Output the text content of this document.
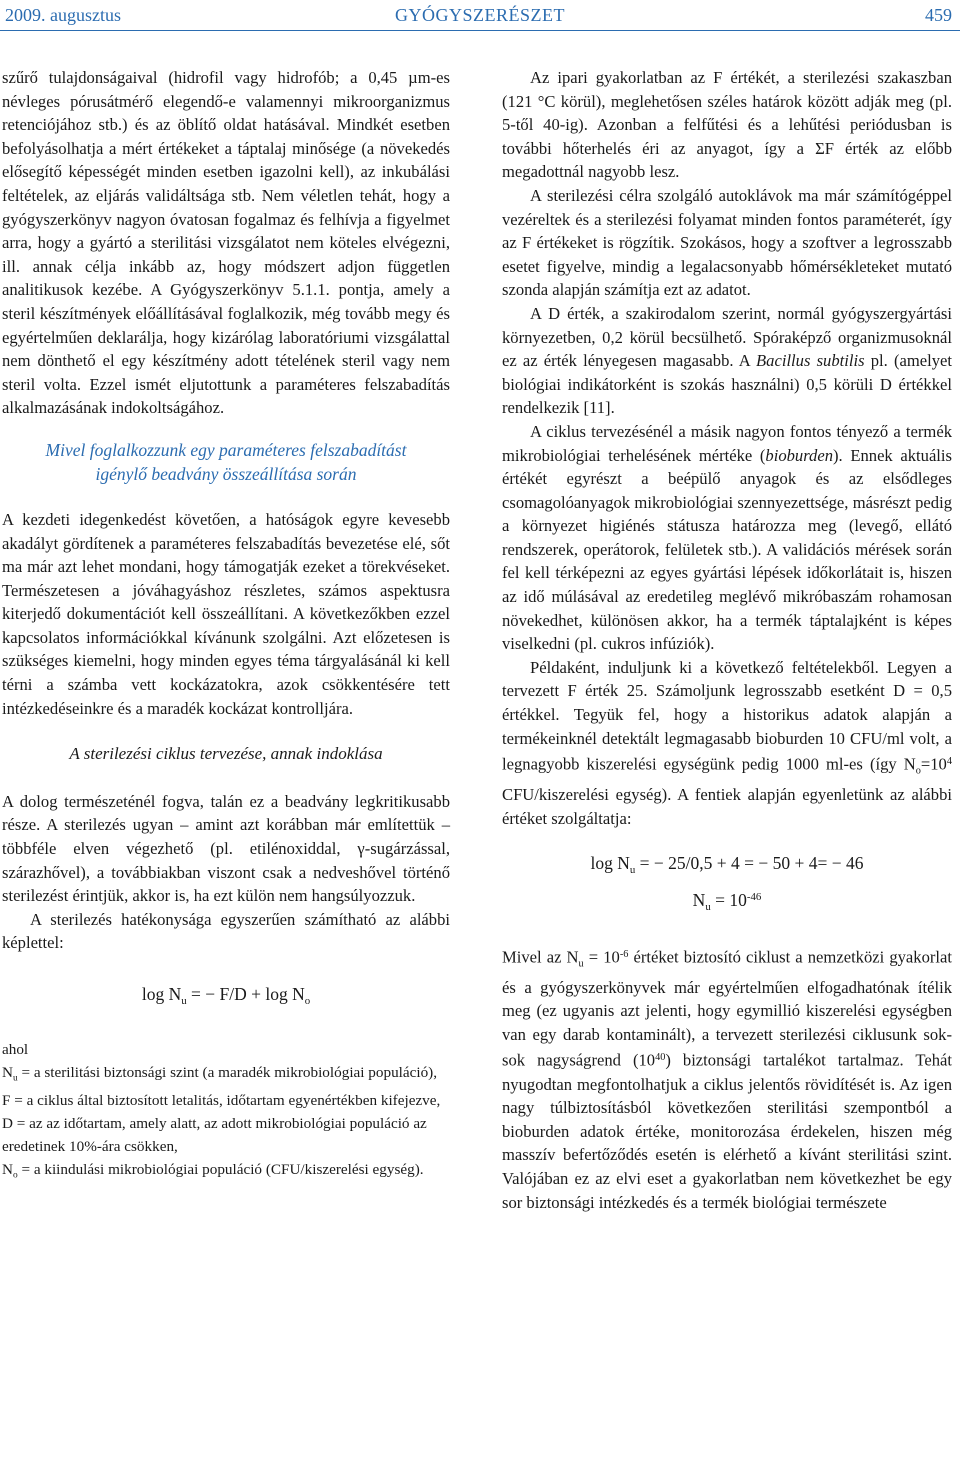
2009. augusztus	GYÓGYSZERÉSZET	459

szűrő tulajdonságaival (hidrofil vagy hidrofób; a 0,45 µm-es névleges pórusátmérő elegendő-e valamennyi mikroorganizmus retenciójához stb.) és az öblítő oldat hatásával. Mindkét esetben befolyásolhatja a mért értékeket a táptalaj minősége (a növekedés elősegítő képességét minden esetben igazolni kell), az inkubálási feltételek, az eljárás validáltsága stb. Nem véletlen tehát, hogy a gyógyszerkönyv nagyon óvatosan fogalmaz és felhívja a figyelmet arra, hogy a gyártó a sterilitási vizsgálatot nem köteles elvégezni, ill. annak célja inkább az, hogy módszert adjon független analitikusok kezébe. A Gyógyszerkönyv 5.1.1. pontja, amely a steril készítmények előállításával foglalkozik, még tovább megy és egyértelműen deklarálja, hogy kizárólag laboratóriumi vizsgálattal nem dönthető el egy készítmény adott tételének steril vagy nem steril volta. Ezzel ismét eljutottunk a paraméteres felszabadítás alkalmazásának indokoltságához.

Mivel foglalkozzunk egy paraméteres felszabadítást
igénylő beadvány összeállítása során

A kezdeti idegenkedést követően, a hatóságok egyre kevesebb akadályt gördítenek a paraméteres felszabadítás bevezetése elé, sőt ma már azt lehet mondani, hogy támogatják ezeket a törekvéseket. Természetesen a jóváhagyáshoz részletes, számos aspektusra kiterjedő dokumentációt kell összeállítani. A következőkben ezzel kapcsolatos információkkal kívánunk szolgálni. Azt előzetesen is szükséges kiemelni, hogy minden egyes téma tárgyalásánál ki kell térni a számba vett kockázatokra, azok csökkentésére tett intézkedéseinkre és a maradék kockázat kontrolljára.

A sterilezési ciklus tervezése, annak indoklása

A dolog természeténél fogva, talán ez a beadvány legkritikusabb része. A sterilezés ugyan – amint azt korábban már említettük – többféle elven végezhető (pl. etilénoxiddal, γ-sugárzással, szárazhővel), a továbbiakban viszont csak a nedveshővel történő sterilezést érintjük, akkor is, ha ezt külön nem hangsúlyozzuk.

A sterilezés hatékonysága egyszerűen számítható az alábbi képlettel:

$\log N_u$ = − $F/D + \log N_o$

ahol

$N_u = a$ sterilitási biztonsági szint (a maradék mikrobiológiai populáció),

F = a ciklus által biztosított letalitás, időtartam egyenértékben kifejezve,

D = az az időtartam, amely alatt, az adott mikrobiológiai populáció az eredetinek 10%-ára csökken,

$N_o = a$ kiindulási mikrobiológiai populáció (CFU/kiszerelési egység).

Az ipari gyakorlatban az F értékét, a sterilezési szakaszban (121 °C körül), meglehetősen széles határok között adják meg (pl. 5-től 40-ig). Azonban a felfűtési és a lehűtési periódusban is további hőterhelés éri az anyagot, így a ΣF érték az előbb megadottnál nagyobb lesz.

A sterilezési célra szolgáló autoklávok ma már számítógéppel vezéreltek és a sterilezési folyamat minden fontos paraméterét, így az F értékeket is rögzítik. Szokásos, hogy a szoftver a legrosszabb esetet figyelve, mindig a legalacsonyabb hőmérsékleteket mutató szonda alapján számítja ezt az adatot.

A D érték, a szakirodalom szerint, normál gyógyszergyártási környezetben, 0,2 körül becsülhető. Spóraképző organizmusoknál ez az érték lényegesen magasabb. A Bacillus subtilis pl. (amelyet biológiai indikátorként is szokás használni) 0,5 körüli D értékkel rendelkezik [11].

A ciklus tervezésénél a másik nagyon fontos tényező a termék mikrobiológiai terhelésének mértéke (bioburden). Ennek aktuális értékét egyrészt a beépülő anyagok és az elsődleges csomagolóanyagok mikrobiológiai szennyezettsége, másrészt pedig a környezet higiénés státusza határozza meg (levegő, ellátó rendszerek, operátorok, felületek stb.). A validációs mérések során fel kell térképezni az egyes gyártási lépések időkorlátait is, hiszen az idő múlásával az eredetileg meglévő mikróbaszám rohamosan növekedhet, különösen akkor, ha a termék táptalajként is képes viselkedni (pl. cukros infúziók).

Példaként, induljunk ki a következő feltételekből. Legyen a tervezett F érték 25. Számoljunk legrosszabb esetként D = 0,5 értékkel. Tegyük fel, hogy a historikus adatok alapján a termékeinknél detektált legmagasabb bioburden 10 CFU/ml volt, a legnagyobb kiszerelési egységünk pedig 1000 ml-es (így $N_o=10^4$ CFU/kiszerelési egység). A fentiek alapján egyenletünk az alábbi értéket szolgáltatja:

$\log N_u$ = − 25/0,5 + 4 = − 50 + 4= − 46
$N_u = 10^{-46}$

Mivel az $N_u = 10^{-6}$ értéket biztosító ciklust a nemzetközi gyakorlat és a gyógyszerkönyvek már egyértelműen elfogadhatónak ítélik meg (ez ugyanis azt jelenti, hogy egymillió kiszerelési egységben van egy darab kontaminált), a tervezett sterilezési ciklusunk sok-sok nagyságrend $(10^{40})$ biztonsági tartalékot tartalmaz. Tehát nyugodtan megfontolhatjuk a ciklus jelentős rövidítését is. Az igen nagy túlbiztosításból következően sterilitási szempontból a bioburden adatok értéke, monitorozása érdekelen, hiszen még masszív befertőződés esetén is elérhető a kívánt sterilitási szint. Valójában ez az elvi eset a gyakorlatban nem következhet be egy sor biztonsági intézkedés és a termék biológiai természete
